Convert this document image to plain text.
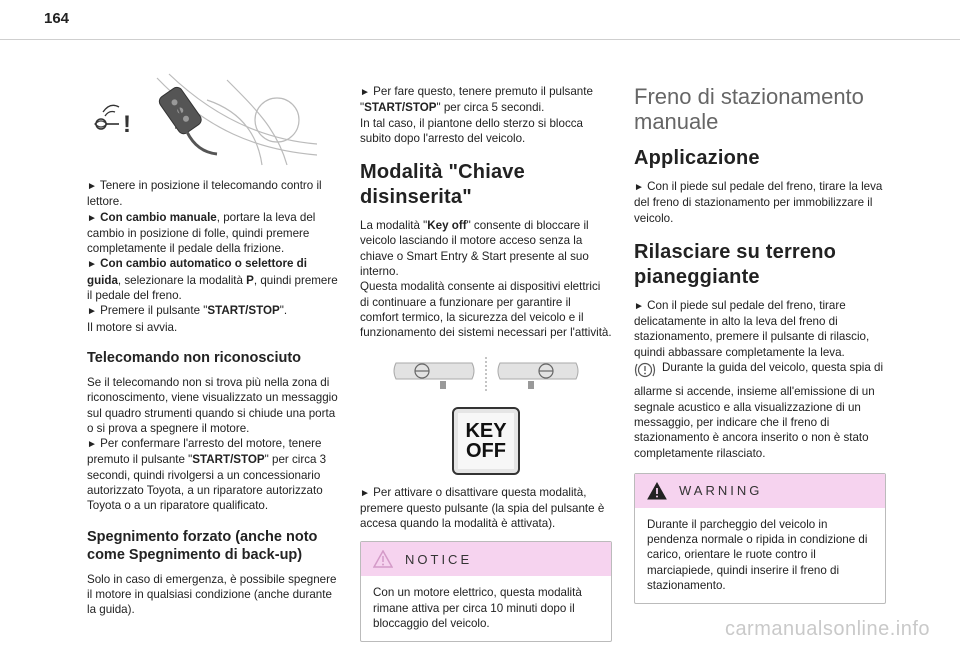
164
!

► Tenere in posizione il telecomando contro il lettore.

► Con cambio manuale, portare la leva del cambio in posizione di folle, quindi premere completamente il pedale della frizione.

► Con cambio automatico o selettore di guida, selezionare la modalità P, quindi premere il pedale del freno.

► Premere il pulsante "START/STOP".

Il motore si avvia.

Telecomando non riconosciuto

Se il telecomando non si trova più nella zona di riconoscimento, viene visualizzato un messaggio sul quadro strumenti quando si chiude una porta o si prova a spegnere il motore.

► Per confermare l'arresto del motore, tenere premuto il pulsante "START/STOP" per circa 3 secondi, quindi rivolgersi a un concessionario autorizzato Toyota, a un riparatore autorizzato Toyota o a un riparatore qualificato.

Spegnimento forzato (anche noto come Spegnimento di back-up)

Solo in caso di emergenza, è possibile spegnere il motore in qualsiasi condizione (anche durante la guida).

► Per fare questo, tenere premuto il pulsante "START/STOP" per circa 5 secondi.

In tal caso, il piantone dello sterzo si blocca subito dopo l'arresto del veicolo.

Modalità "Chiave disinserita"

La modalità "Key off" consente di bloccare il veicolo lasciando il motore acceso senza la chiave o Smart Entry & Start presente al suo interno.

Questa modalità consente ai dispositivi elettrici di continuare a funzionare per garantire il comfort termico, la sicurezza del veicolo e il funzionamento dei sistemi necessari per l'attività.

KEY
OFF

► Per attivare o disattivare questa modalità, premere questo pulsante (la spia del pulsante è accesa quando la modalità è attivata).

NOTICE

Con un motore elettrico, questa modalità rimane attiva per circa 10 minuti dopo il bloccaggio del veicolo.

Freno di stazionamento manuale
Applicazione

► Con il piede sul pedale del freno, tirare la leva del freno di stazionamento per immobilizzare il veicolo.

Rilasciare su terreno pianeggiante

► Con il piede sul pedale del freno, tirare delicatamente in alto la leva del freno di stazionamento, premere il pulsante di rilascio, quindi abbassare completamente la leva.

Durante la guida del veicolo, questa spia di allarme si accende, insieme all'emissione di un segnale acustico e alla visualizzazione di un messaggio, per indicare che il freno di stazionamento è ancora inserito o non è stato completamente rilasciato.

WARNING

Durante il parcheggio del veicolo in pendenza normale o ripida in condizione di carico, orientare le ruote contro il marciapiede, quindi inserire il freno di stazionamento.

carmanualsonline.info
